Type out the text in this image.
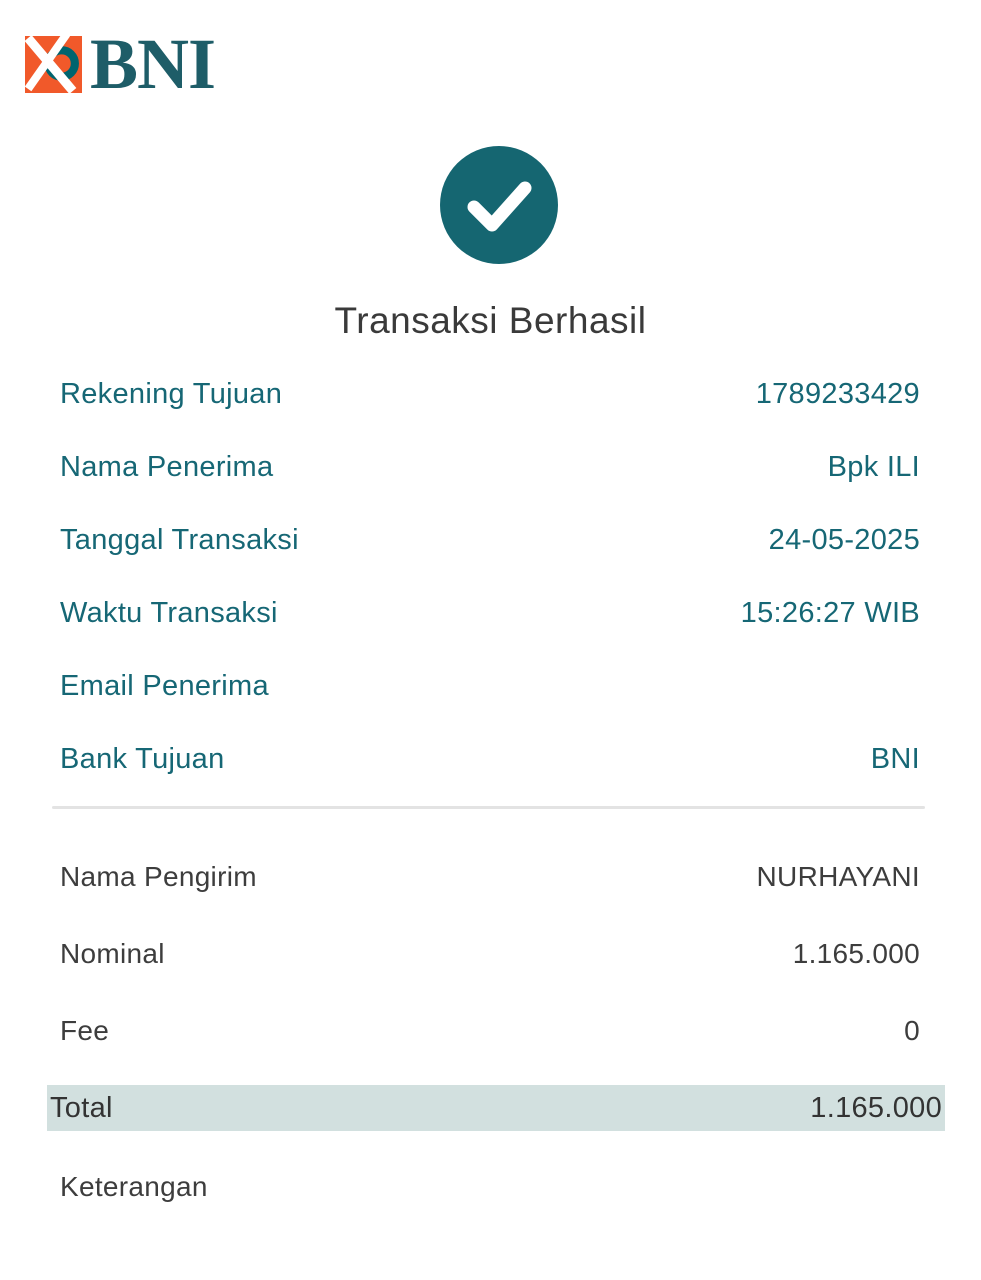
BNI
Transaksi Berhasil
Rekening Tujuan	1789233429
Nama Penerima	Bpk ILI
Tanggal Transaksi	24-05-2025
Waktu Transaksi	15:26:27 WIB
Email Penerima
Bank Tujuan	BNI
Nama Pengirim	NURHAYANI
Nominal	1.165.000
Fee	0
Total	1.165.000
Keterangan
